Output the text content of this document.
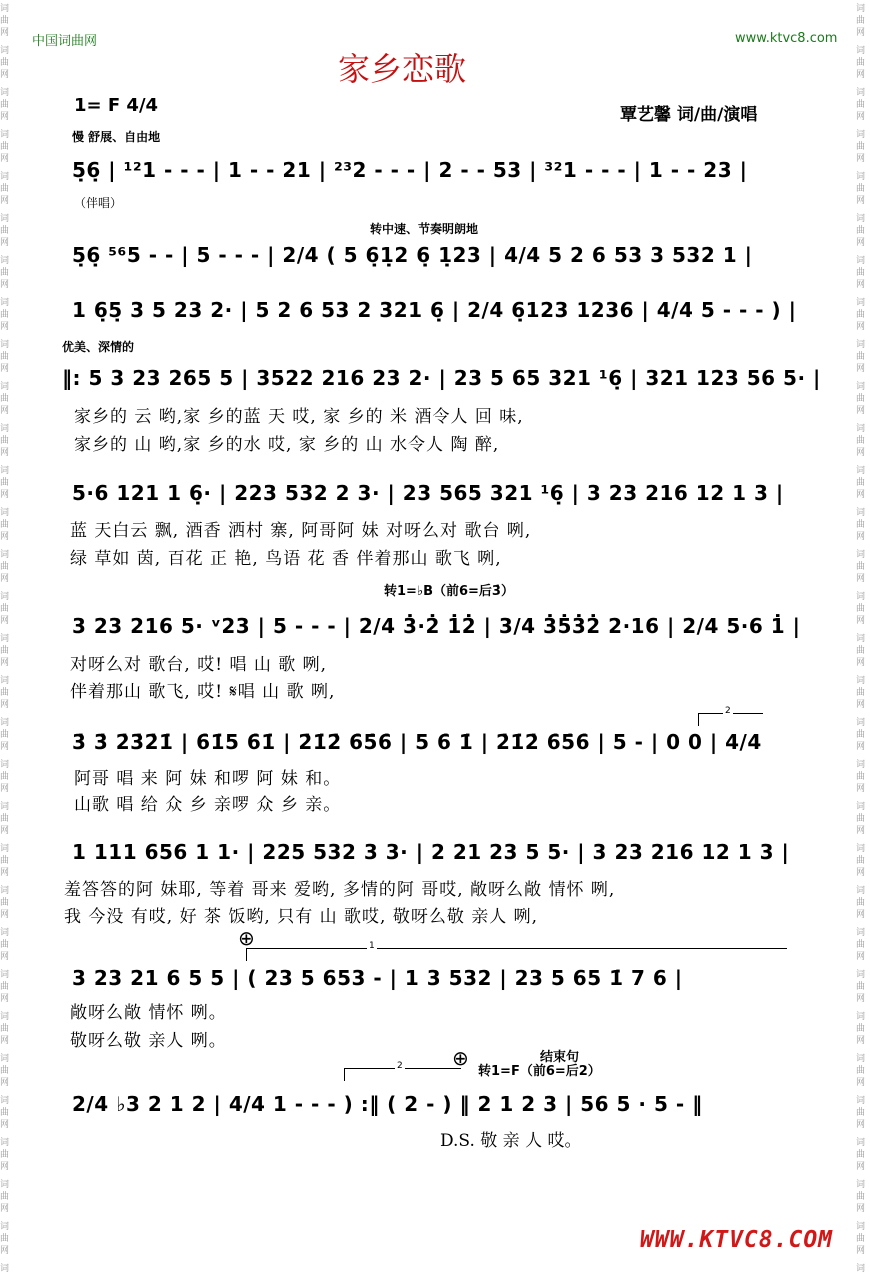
词
曲
网
词
曲
网
词
曲
网
词
曲
网
词
曲
网
词
曲
网
词
曲
网
词
曲
网
词
曲
网
词
曲
网
词
曲
网
词
曲
网
词
曲
网
词
曲
网
词
曲
网
词
曲
网
词
曲
网
词
曲
网
词
曲
网
词
曲
网
词
曲
网
词
曲
网
词
曲
网
词
曲
网
词
曲
网
词
曲
网
词
曲
网
词
曲
网
词
曲
网
词
曲
网
词
词
曲
网
词
曲
网
词
曲
网
词
曲
网
词
曲
网
词
曲
网
词
曲
网
词
曲
网
词
曲
网
词
曲
网
词
曲
网
词
曲
网
词
曲
网
词
曲
网
词
曲
网
词
曲
网
词
曲
网
词
曲
网
词
曲
网
词
曲
网
词
曲
网
词
曲
网
词
曲
网
词
曲
网
词
曲
网
词
曲
网
词
曲
网
词
曲
网
词
曲
网
词
曲
网
词
中国词曲网	www.ktvc8.com
家乡恋歌
1= F 4/4	覃艺馨 词/曲/演唱
慢 舒展、自由地
5̣6̣ | ¹²1 - - - | 1 - - 21 | ²³2 - - - | 2 - - 53 | ³²1 - - - | 1 - - 23 |
（伴唱）
转中速、节奏明朗地
5̣6̣ ⁵⁶5 - - | 5 - - - | 2/4 ( 5 6̣1̣2 6̣ 1̣23 | 4/4 5 2 6 53 3 532 1 |
1 6̣5̣ 3 5 23 2· | 5 2 6 53 2 321 6̣ | 2/4 6̣123 1236 | 4/4 5 - - - ) |
优美、深情的
‖: 5 3 23 265 5 | 3522 216 23 2· | 23 5 65 321 ¹6̣ | 321 123 56 5· |
家乡的 云 哟,家 乡的蓝 天 哎, 家 乡的 米 酒令人 回 味,
家乡的 山 哟,家 乡的水 哎, 家 乡的 山 水令人 陶 醉,
5·6 121 1 6̣· | 223 532 2 3· | 23 565 321 ¹6̣ | 3 23 216 12 1 3 |
蓝 天白云 飘, 酒香 洒村 寨, 阿哥阿 妹 对呀么对 歌台 咧,
绿 草如 茵, 百花 正 艳, 鸟语 花 香 伴着那山 歌飞 咧,
转1=♭B（前6=后3̇）
3 23 216 5· ᵛ23 | 5 - - - | 2/4 3̇·2̇ 1̇2̇ | 3/4 3̇5̇3̇2̇ 2·16 | 2/4 5·6 1̇ |
对呀么对 歌台, 哎! 唱 山 歌 咧,
伴着那山 歌飞, 哎! 𝄋唱 山 歌 咧,
2
3̇ 3̇ 2̇3̇2̇1̇ | 6̇1̇5 6̇1̇ | 2̇1̇2̇ 6̇5̇6̇ | 5 6̇ 1̇ | 2̇1̇2̇ 6̇5̇6̇ | 5 - | 0 0 | 4/4
阿哥 唱 来 阿 妹 和啰 阿 妹 和。
山歌 唱 给 众 乡 亲啰 众 乡 亲。
1 111 656 1 1· | 225 532 3 3· | 2 21 23 5 5· | 3 23 216 12 1 3 |
羞答答的阿 妹耶, 等着 哥来 爱哟, 多情的阿 哥哎, 敞呀么敞 情怀 咧,
我 今没 有哎, 好 茶 饭哟, 只有 山 歌哎, 敬呀么敬 亲人 咧,
⊕	1
3 23 21 6 5 5 | ( 23 5 653 - | 1 3 532 | 23 5 65 1̇ 7 6 |
敞呀么敞 情怀 咧。
敬呀么敬 亲人 咧。
结束句
⊕
2	转1=F（前6=后2）
2/4 ♭3 2 1 2 | 4/4 1 - - - ) :‖ ( 2 - ) ‖ 2 1 2 3 | 56 5 · 5 - ‖
D.S. 敬 亲 人 哎。
WWW.KTVC8.COM
